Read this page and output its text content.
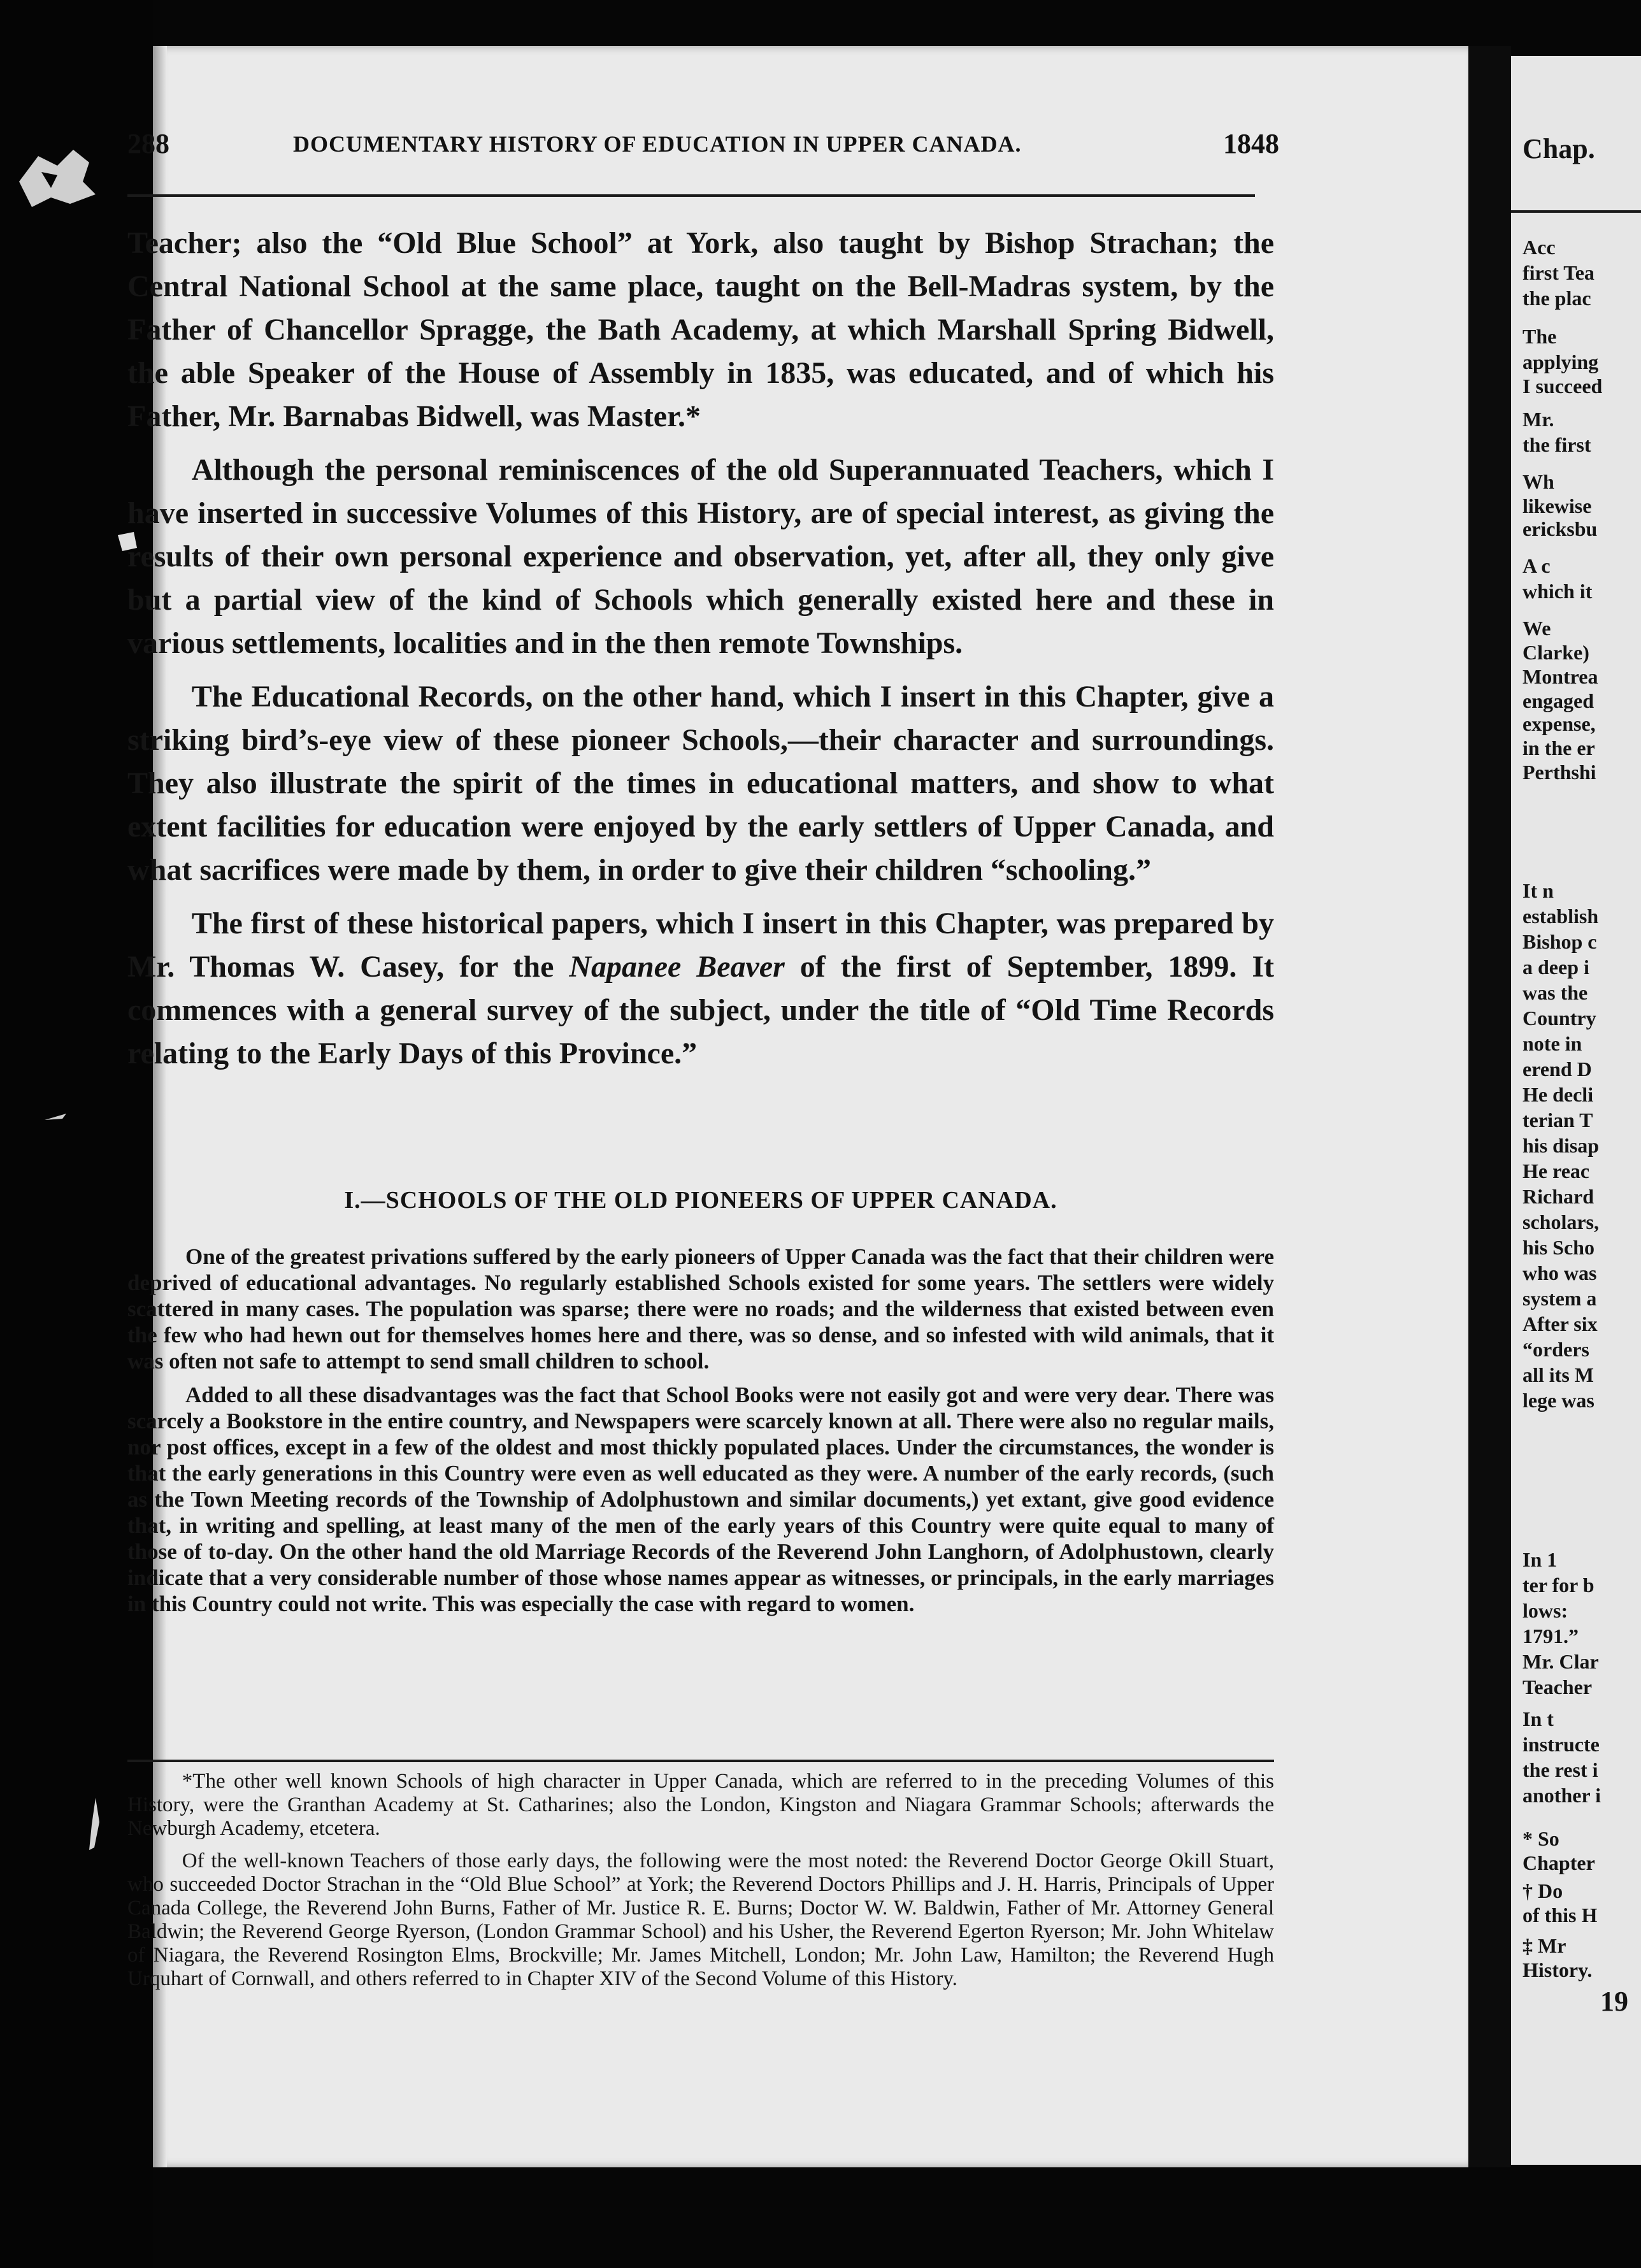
288	DOCUMENTARY HISTORY OF EDUCATION IN UPPER CANADA.	1848

Teacher; also the “Old Blue School” at York, also taught by Bishop Strachan; the Central National School at the same place, taught on the Bell-Madras system, by the Father of Chancellor Spragge, the Bath Academy, at which Marshall Spring Bidwell, the able Speaker of the House of Assembly in 1835, was educated, and of which his Father, Mr. Barnabas Bidwell, was Master.*

Although the personal reminiscences of the old Superannuated Teachers, which I have inserted in successive Volumes of this History, are of special interest, as giving the results of their own personal experience and observation, yet, after all, they only give but a partial view of the kind of Schools which generally existed here and these in various settlements, localities and in the then remote Townships.

The Educational Records, on the other hand, which I insert in this Chapter, give a striking bird’s-eye view of these pioneer Schools,—their character and surroundings. They also illustrate the spirit of the times in educational matters, and show to what extent facilities for education were enjoyed by the early settlers of Upper Canada, and what sacrifices were made by them, in order to give their children “schooling.”

The first of these historical papers, which I insert in this Chapter, was prepared by Mr. Thomas W. Casey, for the Napanee Beaver of the first of September, 1899. It commences with a general survey of the subject, under the title of “Old Time Records relating to the Early Days of this Province.”

I.—SCHOOLS OF THE OLD PIONEERS OF UPPER CANADA.

One of the greatest privations suffered by the early pioneers of Upper Canada was the fact that their children were deprived of educational advantages. No regularly established Schools existed for some years. The settlers were widely scattered in many cases. The population was sparse; there were no roads; and the wilderness that existed between even the few who had hewn out for themselves homes here and there, was so dense, and so infested with wild animals, that it was often not safe to attempt to send small children to school.

Added to all these disadvantages was the fact that School Books were not easily got and were very dear. There was scarcely a Bookstore in the entire country, and Newspapers were scarcely known at all. There were also no regular mails, nor post offices, except in a few of the oldest and most thickly populated places. Under the circumstances, the wonder is that the early generations in this Country were even as well educated as they were. A number of the early records, (such as the Town Meeting records of the Township of Adolphustown and similar documents,) yet extant, give good evidence that, in writing and spelling, at least many of the men of the early years of this Country were quite equal to many of those of to-day. On the other hand the old Marriage Records of the Reverend John Langhorn, of Adolphustown, clearly indicate that a very considerable number of those whose names appear as witnesses, or principals, in the early marriages in this Country could not write. This was especially the case with regard to women.

*The other well known Schools of high character in Upper Canada, which are referred to in the preceding Volumes of this History, were the Granthan Academy at St. Catharines; also the London, Kingston and Niagara Grammar Schools; afterwards the Newburgh Academy, etcetera.

Of the well-known Teachers of those early days, the following were the most noted: the Reverend Doctor George Okill Stuart, who succeeded Doctor Strachan in the “Old Blue School” at York; the Reverend Doctors Phillips and J. H. Harris, Principals of Upper Canada College, the Reverend John Burns, Father of Mr. Justice R. E. Burns; Doctor W. W. Baldwin, Father of Mr. Attorney General Baldwin; the Reverend George Ryerson, (London Grammar School) and his Usher, the Reverend Egerton Ryerson; Mr. John Whitelaw of Niagara, the Reverend Rosington Elms, Brockville; Mr. James Mitchell, London; Mr. John Law, Hamilton; the Reverend Hugh Urquhart of Cornwall, and others referred to in Chapter XIV of the Second Volume of this History.

Chap.
Acc
first Tea
the plac
The
applying
I succeed
Mr.
the first
Wh
likewise
ericksbu
A c
which it
We
Clarke)
Montrea
engaged
expense,
in the er
Perthshi
It n
establish
Bishop c
a deep i
was the
Country
note in
erend D
He decli
terian T
his disap
He reac
Richard
scholars,
his Scho
who was
system a
After six
“orders
all its M
lege was
In 1
ter for b
lows:
1791.”
Mr. Clar
Teacher
In t
instructe
the rest i
another i
* So
Chapter
† Do
of this H
‡ Mr
History.
19
